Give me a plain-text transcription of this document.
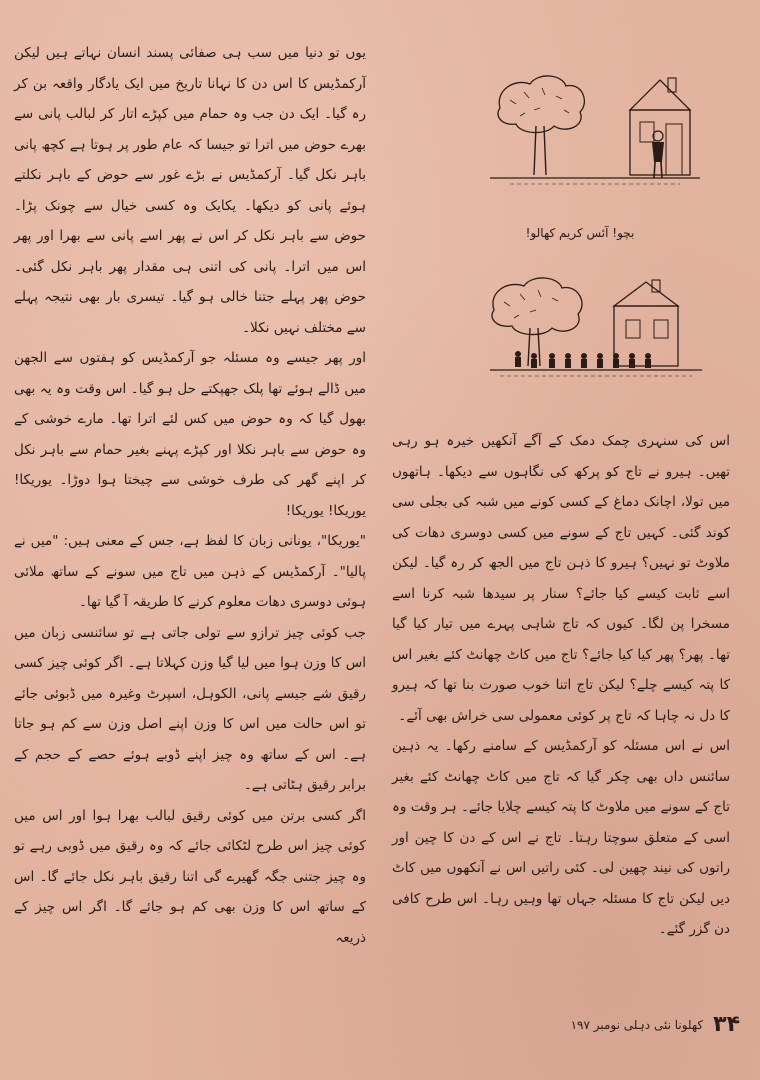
یوں تو دنیا میں سب ہی صفائی پسند انسان نہاتے ہیں لیکن آرکمڈیس کا اس دن کا نہانا تاریخ میں ایک یادگار واقعہ بن کر رہ گیا۔ ایک دن جب وہ حمام میں کپڑے اتار کر لبالب پانی سے بھرے حوض میں اترا تو جیسا کہ عام طور پر ہوتا ہے کچھ پانی باہر نکل گیا۔ آرکمڈیس نے بڑے غور سے حوض کے باہر نکلتے ہوئے پانی کو دیکھا۔ یکایک وہ کسی خیال سے چونک پڑا۔ حوض سے باہر نکل کر اس نے پھر اسے پانی سے بھرا اور پھر اس میں اترا۔ پانی کی اتنی ہی مقدار پھر باہر نکل گئی۔ حوض پھر پہلے جتنا خالی ہو گیا۔ تیسری بار بھی نتیجہ پہلے سے مختلف نہیں نکلا۔

اور پھر جیسے وہ مسئلہ جو آرکمڈیس کو ہفتوں سے الجھن میں ڈالے ہوئے تھا پلک جھپکتے حل ہو گیا۔ اس وقت وہ یہ بھی بھول گیا کہ وہ حوض میں کس لئے اترا تھا۔ مارے خوشی کے وہ حوض سے باہر نکلا اور کپڑے پہنے بغیر حمام سے باہر نکل کر اپنے گھر کی طرف خوشی سے چیختا ہوا دوڑا۔ یوریکا! یوریکا! یوریکا!

"یوریکا"، یونانی زبان کا لفظ ہے، جس کے معنی ہیں: "میں نے پالیا"۔ آرکمڈیس کے ذہن میں تاج میں سونے کے ساتھ ملائی ہوئی دوسری دھات معلوم کرنے کا طریقہ آ گیا تھا۔

جب کوئی چیز ترازو سے تولی جاتی ہے تو سائنسی زبان میں اس کا وزن ہوا میں لیا گیا وزن کہلاتا ہے۔ اگر کوئی چیز کسی رقیق شے جیسے پانی، الکوہل، اسپرٹ وغیرہ میں ڈبوئی جائے تو اس حالت میں اس کا وزن اپنے اصل وزن سے کم ہو جاتا ہے۔ اس کے ساتھ وہ چیز اپنے ڈوبے ہوئے حصے کے حجم کے برابر رقیق ہٹاتی ہے۔

اگر کسی برتن میں کوئی رقیق لبالب بھرا ہوا اور اس میں کوئی چیز اس طرح لٹکائی جائے کہ وہ رقیق میں ڈوبی رہے تو وہ چیز جتنی جگہ گھیرے گی اتنا رقیق باہر نکل جائے گا۔ اس کے ساتھ اس کا وزن بھی کم ہو جائے گا۔ اگر اس چیز کے ذریعہ

بچو! آئس کریم کھالو!

اس کی سنہری چمک دمک کے آگے آنکھیں خیرہ ہو رہی تھیں۔ ہیرو نے تاج کو پرکھ کی نگاہوں سے دیکھا۔ ہاتھوں میں تولا، اچانک دماغ کے کسی کونے میں شبہ کی بجلی سی کوند گئی۔ کہیں تاج کے سونے میں کسی دوسری دھات کی ملاوٹ تو نہیں؟ ہیرو کا ذہن تاج میں الجھ کر رہ گیا۔ لیکن اسے ثابت کیسے کیا جائے؟ سنار پر سیدھا شبہ کرنا اسے مسخرا پن لگا۔ کیوں کہ تاج شاہی پہرے میں تیار کیا گیا تھا۔ پھر؟ پھر کیا کیا جائے؟ تاج میں کاٹ چھانٹ کئے بغیر اس کا پتہ کیسے چلے؟ لیکن تاج اتنا خوب صورت بنا تھا کہ ہیرو کا دل نہ چاہا کہ تاج پر کوئی معمولی سی خراش بھی آئے۔

اس نے اس مسئلہ کو آرکمڈیس کے سامنے رکھا۔ یہ ذہین سائنس داں بھی چکر گیا کہ تاج میں کاٹ چھانٹ کئے بغیر تاج کے سونے میں ملاوٹ کا پتہ کیسے چلایا جائے۔ ہر وقت وہ اسی کے متعلق سوچتا رہتا۔ تاج نے اس کے دن کا چین اور راتوں کی نیند چھین لی۔ کئی راتیں اس نے آنکھوں میں کاٹ دیں لیکن تاج کا مسئلہ جہاں تھا وہیں رہا۔ اس طرح کافی دن گزر گئے۔

۳۴
کھلونا نئی دہلی نومبر ۱۹۷
